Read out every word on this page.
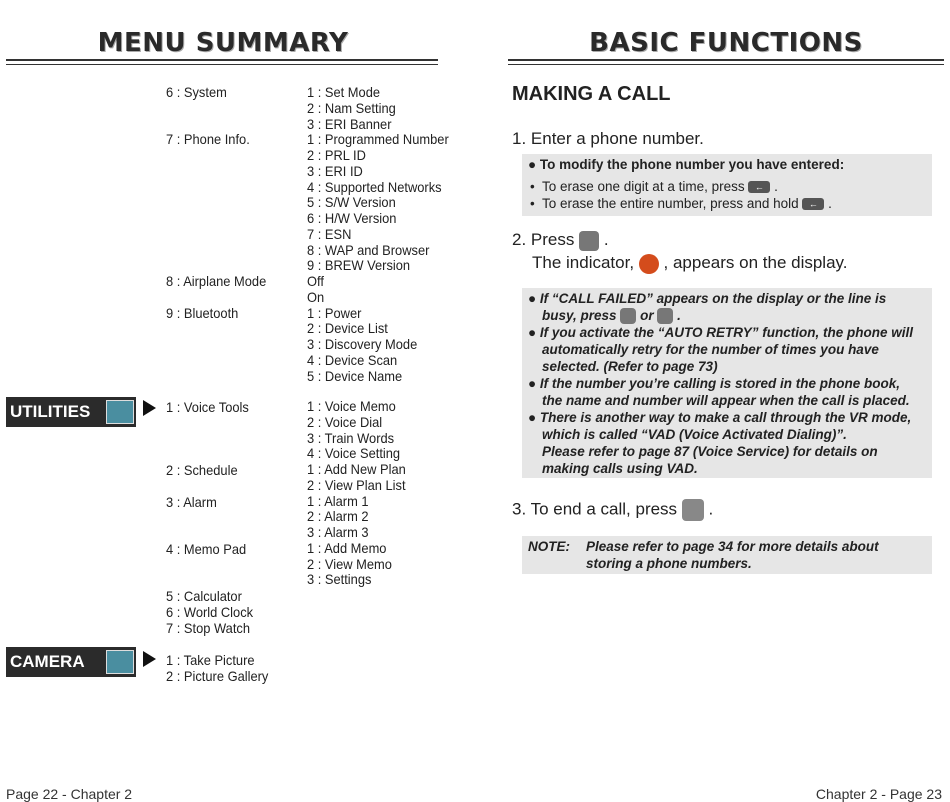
MENU SUMMARY
6 : System
7 : Phone Info.
8 : Airplane Mode
9 : Bluetooth
1 : Set Mode
2 : Nam Setting
3 : ERI Banner
1 : Programmed Number
2 : PRL ID
3 : ERI ID
4 : Supported Networks
5 : S/W Version
6 : H/W Version
7 : ESN
8 : WAP and Browser
9 : BREW Version
Off
On
1 : Power
2 : Device List
3 : Discovery Mode
4 : Device Scan
5 : Device Name
UTILITIES	1 : Voice Tools
2 : Schedule
3 : Alarm
4 : Memo Pad
5 : Calculator
6 : World Clock
7 : Stop Watch
1 : Voice Memo
2 : Voice Dial
3 : Train Words
4 : Voice Setting
1 : Add New Plan
2 : View Plan List
1 : Alarm 1
2 : Alarm 2
3 : Alarm 3
1 : Add Memo
2 : View Memo
3 : Settings
CAMERA	1 : Take Picture
2 : Picture Gallery
Page 22 - Chapter 2
BASIC FUNCTIONS
MAKING A CALL
1. Enter a phone number.
● To modify the phone number you have entered:
•  To erase one digit at a time, press ← .
•  To erase the entire number, press and hold ← .
2. Press  .
The indicator, , appears on the display.
● If “CALL FAILED” appears on the display or the line is
busy, press or  .
● If you activate the “AUTO RETRY” function, the phone will
automatically retry for the number of times you have
selected. (Refer to page 73)
● If the number you’re calling is stored in the phone book,
the name and number will appear when the call is placed.
● There is another way to make a call through the VR mode,
which is called “VAD (Voice Activated Dialing)”.
Please refer to page 87 (Voice Service) for details on
making calls using VAD.
3. To end a call, press  .
NOTE: Please refer to page 34 for more details about
storing a phone numbers.
Chapter 2 - Page 23
